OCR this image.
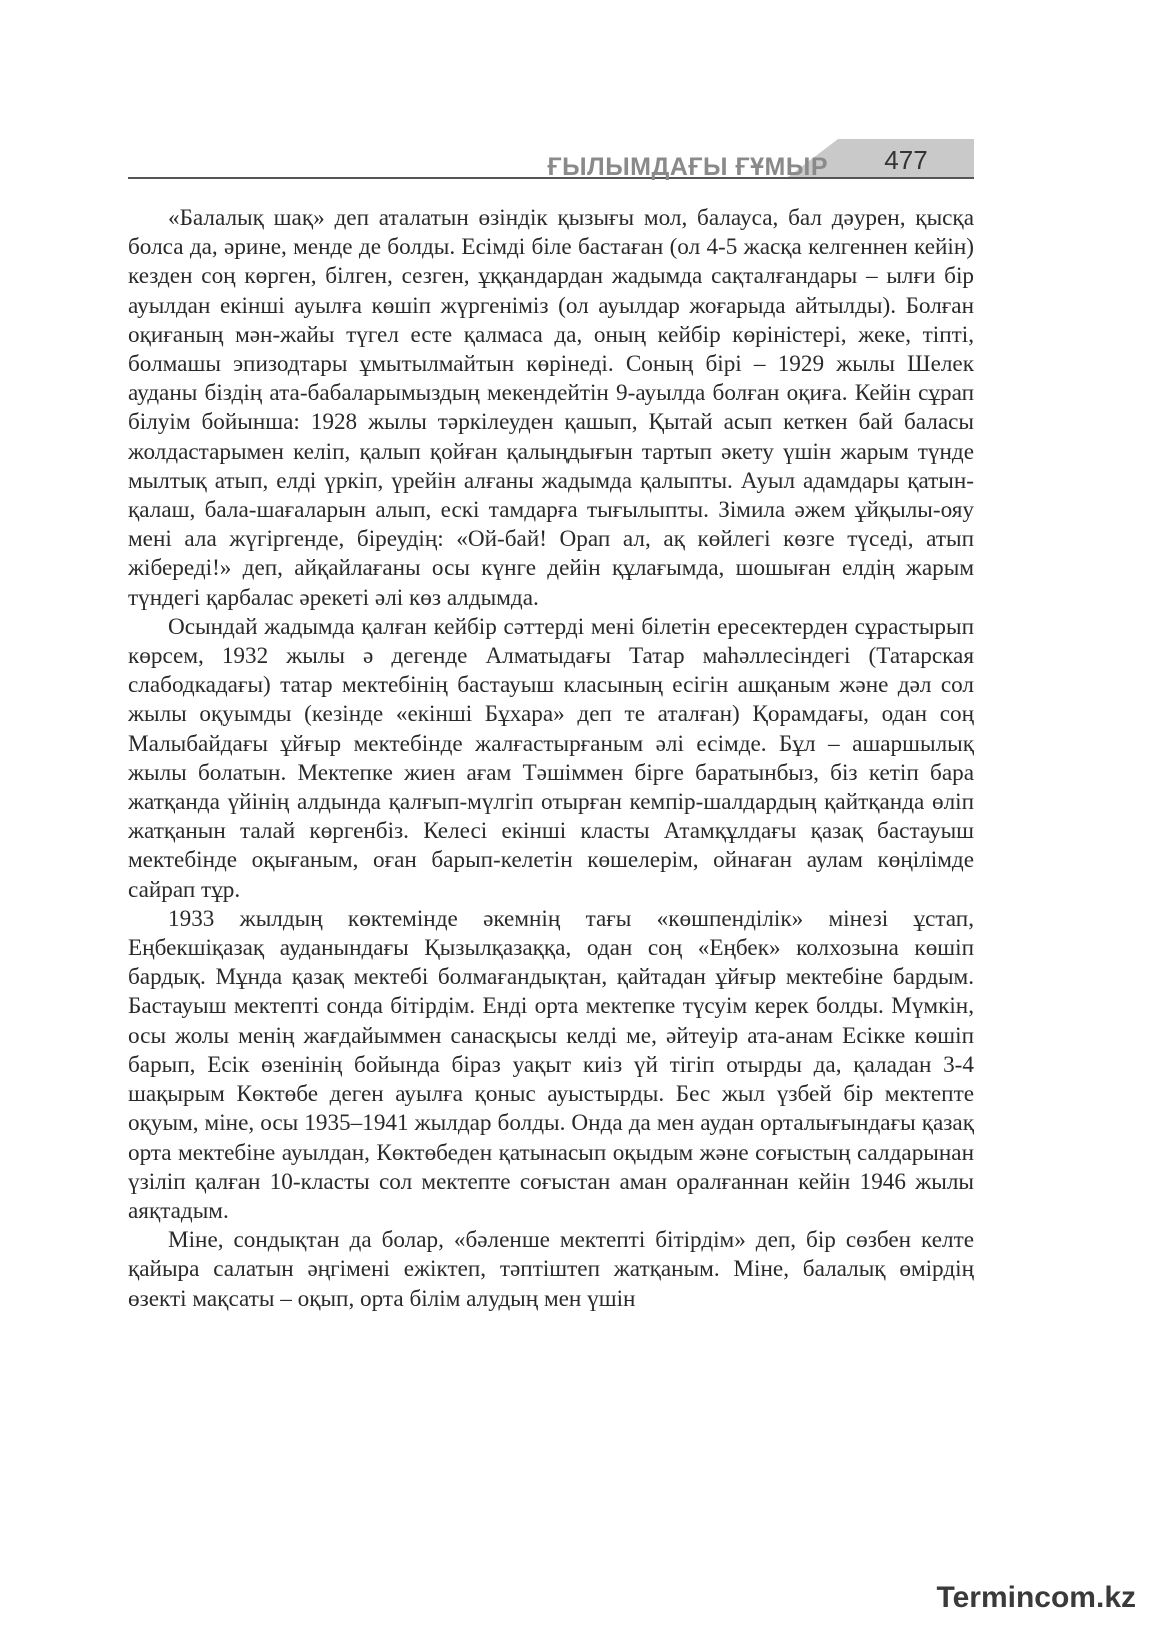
ҒЫЛЫМДАҒЫ ҒҰМЫР	477

«Балалық шақ» деп аталатын өзіндік қызығы мол, балауса, бал дәурен, қысқа болса да, әрине, менде де болды. Есімді біле бастаған (ол 4-5 жасқа келгеннен кейін) кезден соң көрген, білген, сезген, ұққандардан жадымда сақталғандары – ылғи бір ауылдан екінші ауылға көшіп жүргеніміз (ол ауылдар жоғарыда айтылды). Болған оқиғаның мән-жайы түгел есте қалмаса да, оның кейбір көріністері, жеке, тіпті, болмашы эпизодтары ұмытылмайтын көрінеді. Соның бірі – 1929 жылы Шелек ауданы біздің ата-бабаларымыздың мекендейтін 9-ауылда болған оқиға. Кейін сұрап білуім бойынша: 1928 жылы тәркілеуден қашып, Қытай асып кеткен бай баласы жолдастарымен келіп, қалып қойған қалыңдығын тартып әкету үшін жарым түнде мылтық атып, елді үркіп, үрейін алғаны жадымда қалыпты. Ауыл адамдары қатын-қалаш, бала-шағаларын алып, ескі тамдарға тығылыпты. Зімила әжем ұйқылы-ояу мені ала жүгіргенде, біреудің: «Ой-бай! Орап ал, ақ көйлегі көзге түседі, атып жібереді!» деп, айқайлағаны осы күнге дейін құлағымда, шошыған елдің жарым түндегі қарбалас әрекеті әлі көз алдымда.

Осындай жадымда қалған кейбір сәттерді мені білетін ересектерден сұрастырып көрсем, 1932 жылы ә дегенде Алматыдағы Татар маһәллесіндегі (Татарская слабодкадағы) татар мектебінің бастауыш класының есігін ашқаным және дәл сол жылы оқуымды (кезінде «екінші Бұхара» деп те аталған) Қорамдағы, одан соң Малыбайдағы ұйғыр мектебінде жалғастырғаным әлі есімде. Бұл – ашаршылық жылы болатын. Мектепке жиен ағам Тәшіммен бірге баратынбыз, біз кетіп бара жатқанда үйінің алдында қалғып-мүлгіп отырған кемпір-шалдардың қайтқанда өліп жатқанын талай көргенбіз. Келесі екінші класты Атамқұлдағы қазақ бастауыш мектебінде оқығаным, оған барып-келетін көшелерім, ойнаған аулам көңілімде сайрап тұр.

1933 жылдың көктемінде әкемнің тағы «көшпенділік» мінезі ұстап, Еңбекшіқазақ ауданындағы Қызылқазаққа, одан соң «Еңбек» колхозына көшіп бардық. Мұнда қазақ мектебі болмағандықтан, қайтадан ұйғыр мектебіне бардым. Бастауыш мектепті сонда бітірдім. Енді орта мектепке түсуім керек болды. Мүмкін, осы жолы менің жағдайыммен санасқысы келді ме, әйтеуір ата-анам Есікке көшіп барып, Есік өзенінің бойында біраз уақыт киіз үй тігіп отырды да, қаладан 3-4 шақырым Көктөбе деген ауылға қоныс ауыстырды. Бес жыл үзбей бір мектепте оқуым, міне, осы 1935–1941 жылдар болды. Онда да мен аудан орталығындағы қазақ орта мектебіне ауылдан, Көктөбеден қатынасып оқыдым және соғыстың салдарынан үзіліп қалған 10-класты сол мектепте соғыстан аман оралғаннан кейін 1946 жылы аяқтадым.

Міне, сондықтан да болар, «бәленше мектепті бітірдім» деп, бір сөзбен келте қайыра салатын әңгімені ежіктеп, тәптіштеп жатқаным. Міне, балалық өмірдің өзекті мақсаты – оқып, орта білім алудың мен үшін

Termincom.kz
